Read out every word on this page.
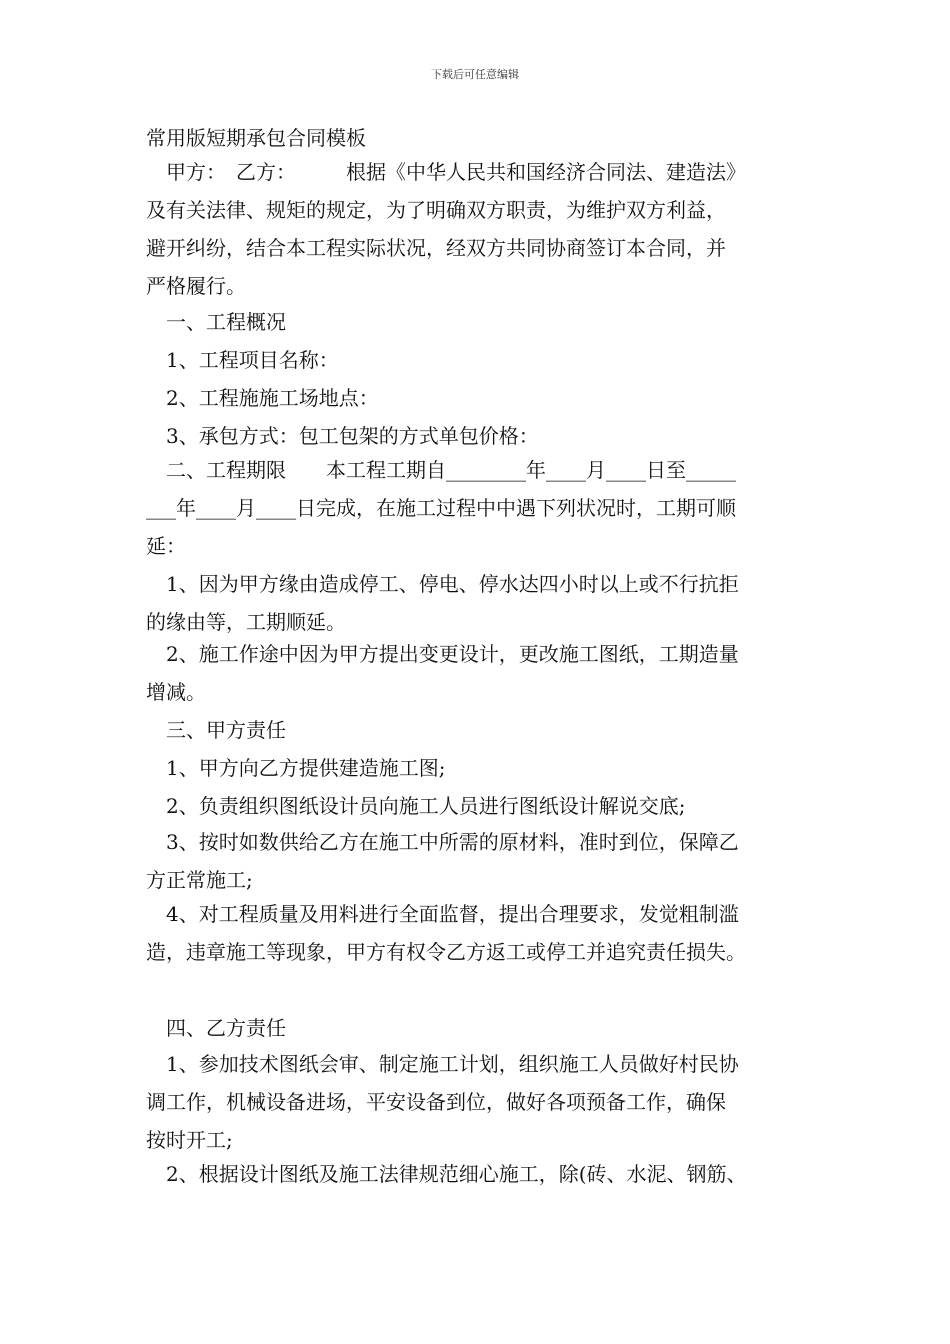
下载后可任意编辑
常用版短期承包合同模板
　甲方：　乙方：　　　根据《中华人民共和国经济合同法、建造法》
及有关法律、规矩的规定，为了明确双方职责，为维护双方利益，
避开纠纷，结合本工程实际状况，经双方共同协商签订本合同，并
严格履行。
　一、工程概况
　1、工程项目名称：
　2、工程施施工场地点：
　3、承包方式：包工包架的方式单包价格：
　二、工程期限　　本工程工期自________年____月____日至_____
___年____月____日完成，在施工过程中中遇下列状况时，工期可顺
延：
　1、因为甲方缘由造成停工、停电、停水达四小时以上或不行抗拒
的缘由等，工期顺延。
　2、施工作途中因为甲方提出变更设计，更改施工图纸，工期造量
增减。
　三、甲方责任
　1、甲方向乙方提供建造施工图;
　2、负责组织图纸设计员向施工人员进行图纸设计解说交底;
　3、按时如数供给乙方在施工中所需的原材料，准时到位，保障乙
方正常施工;
　4、对工程质量及用料进行全面监督，提出合理要求，发觉粗制滥
造，违章施工等现象，甲方有权令乙方返工或停工并追究责任损失。
　四、乙方责任
　1、参加技术图纸会审、制定施工计划，组织施工人员做好村民协
调工作，机械设备进场，平安设备到位，做好各项预备工作，确保
按时开工;
　2、根据设计图纸及施工法律规范细心施工，除(砖、水泥、钢筋、
